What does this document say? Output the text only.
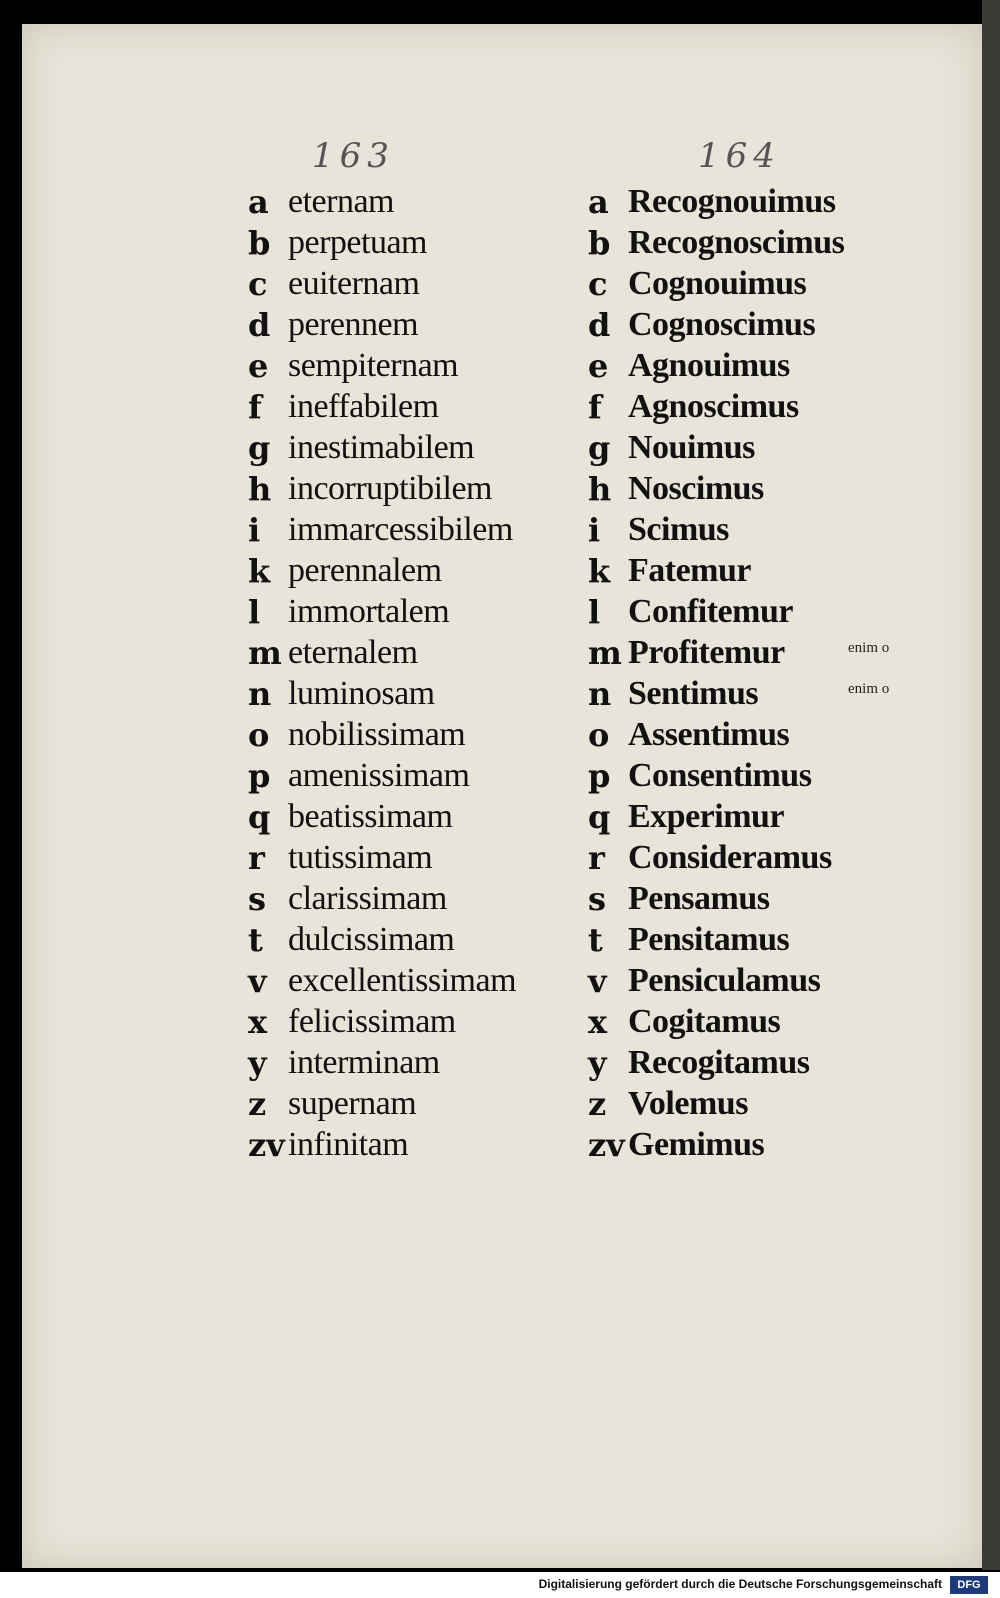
163	164
a eternam
b perpetuam
c euiternam
d perennem
e sempiternam
f ineffabilem
g inestimabilem
h incorruptibilem
i immarcessibilem
k perennalem
l immortalem
m eternalem
n luminosam
o nobilissimam
p amenissimam
q beatissimam
r tutissimam
s clarissimam
t dulcissimam
v excellentissimam
x felicissimam
y interminam
z supernam
zv infinitam
a Recognouimus
b Recognoscimus
c Cognouimus
d Cognoscimus
e Agnouimus
f Agnoscimus
g Nouimus
h Noscimus
i Scimus
k Fatemur
l Confitemur
m Profitemur
n Sentimus
o Assentimus
p Consentimus
q Experimur
r Consideramus
s Pensamus
t Pensitamus
v Pensiculamus
x Cogitamus
y Recogitamus
z Volemus
zv Gemimus
enim o
enim o
Digitalisierung gefördert durch die Deutsche Forschungsgemeinschaft	DFG
